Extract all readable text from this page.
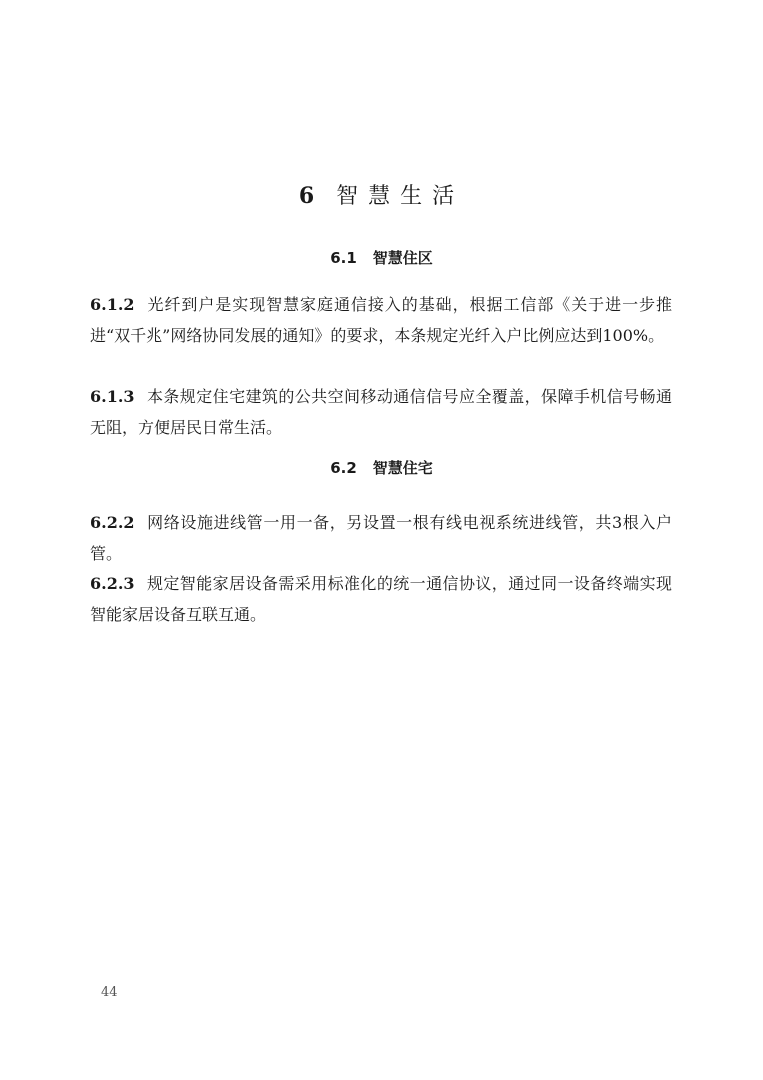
6 智慧生活
6.1 智慧住区
6.1.2 光纤到户是实现智慧家庭通信接入的基础，根据工信部《关于进一步推进“双千兆”网络协同发展的通知》的要求，本条规定光纤入户比例应达到100%。
6.1.3 本条规定住宅建筑的公共空间移动通信信号应全覆盖，保障手机信号畅通无阻，方便居民日常生活。
6.2 智慧住宅
6.2.2 网络设施进线管一用一备，另设置一根有线电视系统进线管，共3根入户管。
6.2.3 规定智能家居设备需采用标准化的统一通信协议，通过同一设备终端实现智能家居设备互联互通。
44
